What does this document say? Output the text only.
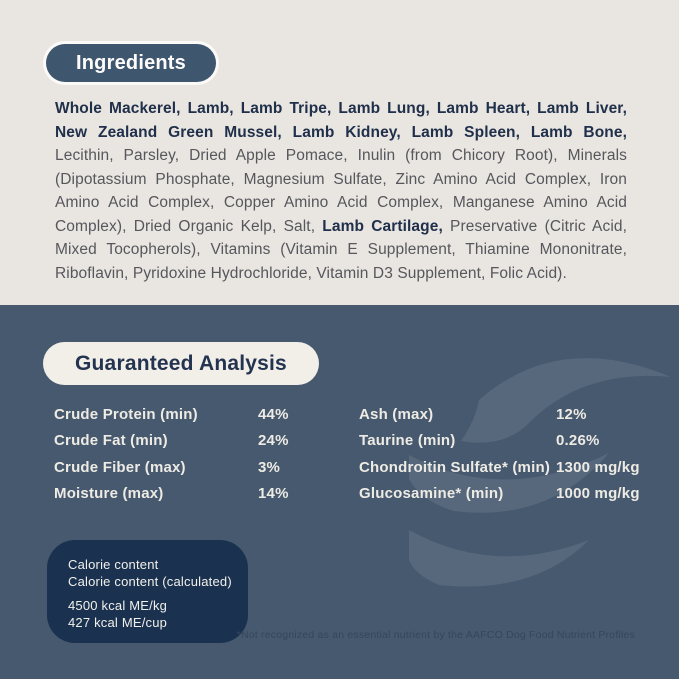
Ingredients

Whole Mackerel, Lamb, Lamb Tripe, Lamb Lung, Lamb Heart, Lamb Liver, New Zealand Green Mussel, Lamb Kidney, Lamb Spleen, Lamb Bone, Lecithin, Parsley, Dried Apple Pomace, Inulin (from Chicory Root), Minerals (Dipotassium Phosphate, Magnesium Sulfate, Zinc Amino Acid Complex, Iron Amino Acid Complex, Copper Amino Acid Complex, Manganese Amino Acid Complex), Dried Organic Kelp, Salt, Lamb Cartilage, Preservative (Citric Acid, Mixed Tocopherols), Vitamins (Vitamin E Supplement, Thiamine Mononitrate, Riboflavin, Pyridoxine Hydrochloride, Vitamin D3 Supplement, Folic Acid).

Guaranteed Analysis
Crude Protein (min)	44%	Ash (max)	12%
Crude Fat (min)	24%	Taurine (min)	0.26%
Crude Fiber (max)	3%	Chondroitin Sulfate* (min) 1300 mg/kg
Moisture (max)	14%	Glucosamine* (min)	1000 mg/kg
Calorie content
Calorie content (calculated)
4500 kcal ME/kg
427 kcal ME/cup
*Not recognized as an essential nutrient by the AAFCO Dog Food Nutrient Profiles
